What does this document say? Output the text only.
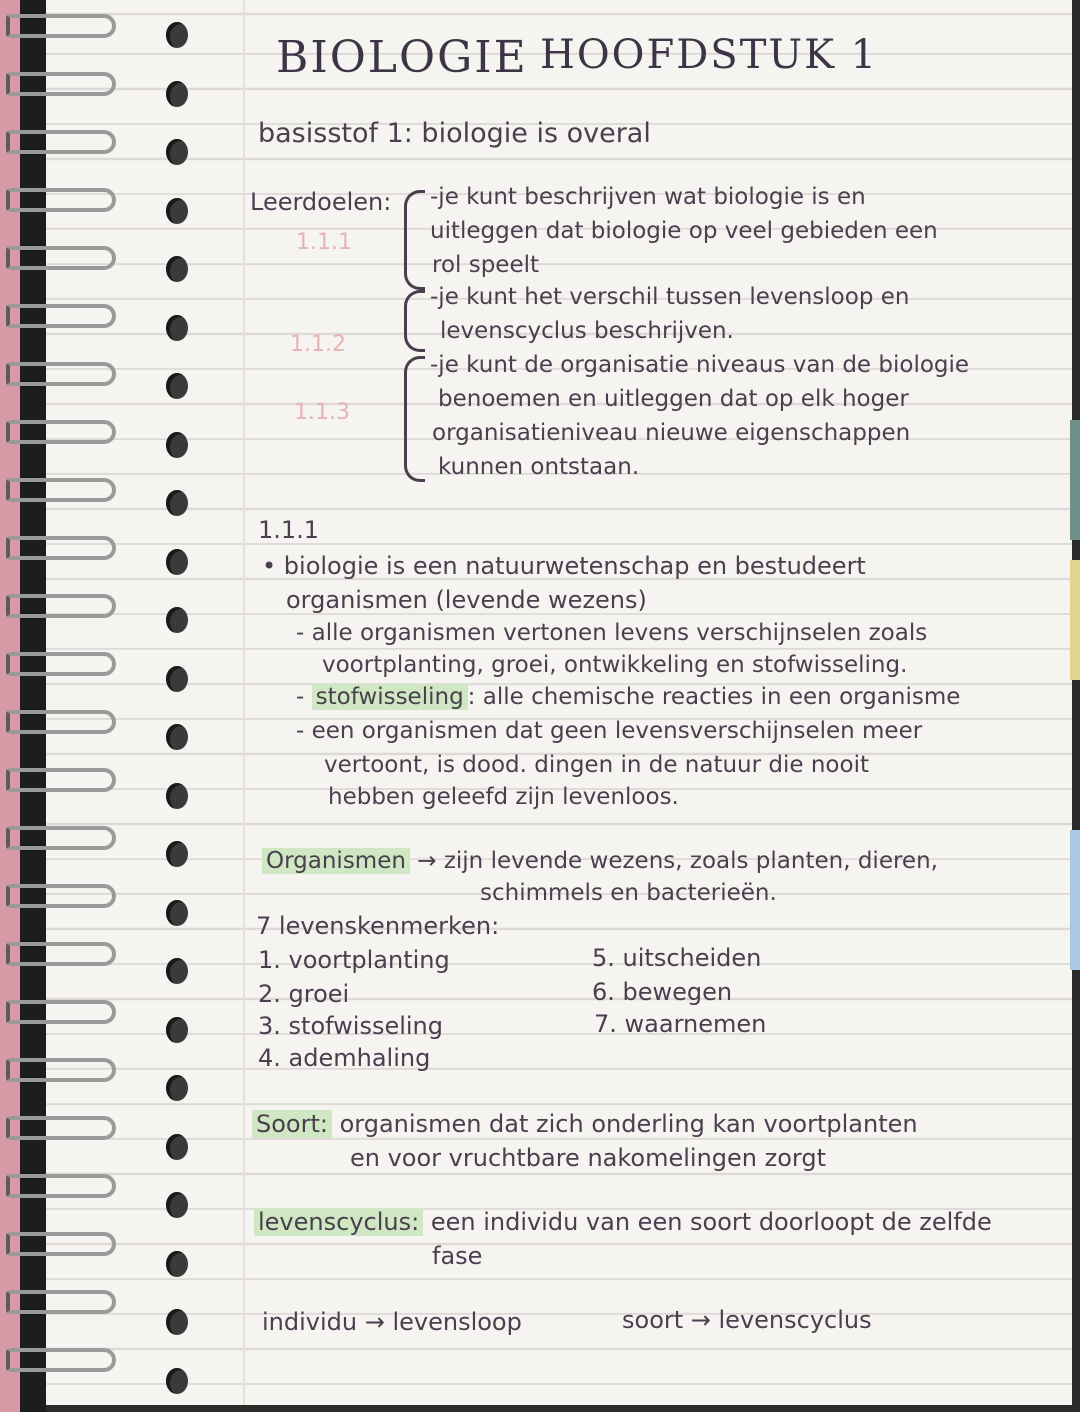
BIOLOGIE HOOFDSTUK 1
basisstof 1: biologie is overal
Leerdoelen:
1.1.1
-je kunt beschrijven wat biologie is en
uitleggen dat biologie op veel gebieden een
rol speelt
1.1.2
-je kunt het verschil tussen levensloop en
levenscyclus beschrijven.
1.1.3
-je kunt de organisatie niveaus van de biologie
benoemen en uitleggen dat op elk hoger
organisatieniveau nieuwe eigenschappen
kunnen ontstaan.
1.1.1
• biologie is een natuurwetenschap en bestudeert
organismen (levende wezens)
- alle organismen vertonen levens verschijnselen zoals
voortplanting, groei, ontwikkeling en stofwisseling.
- stofwisseling : alle chemische reacties in een organisme
- een organismen dat geen levensverschijnselen meer
vertoont, is dood. dingen in de natuur die nooit
hebben geleefd zijn levenloos.
Organismen → zijn levende wezens, zoals planten, dieren,
schimmels en bacterieën.
7 levenskenmerken:
1. voortplanting
2. groei
3. stofwisseling
4. ademhaling
5. uitscheiden
6. bewegen
7. waarnemen
Soort: organismen dat zich onderling kan voortplanten
en voor vruchtbare nakomelingen zorgt
levenscyclus: een individu van een soort doorloopt de zelfde
fase
individu → levensloop	soort → levenscyclus
